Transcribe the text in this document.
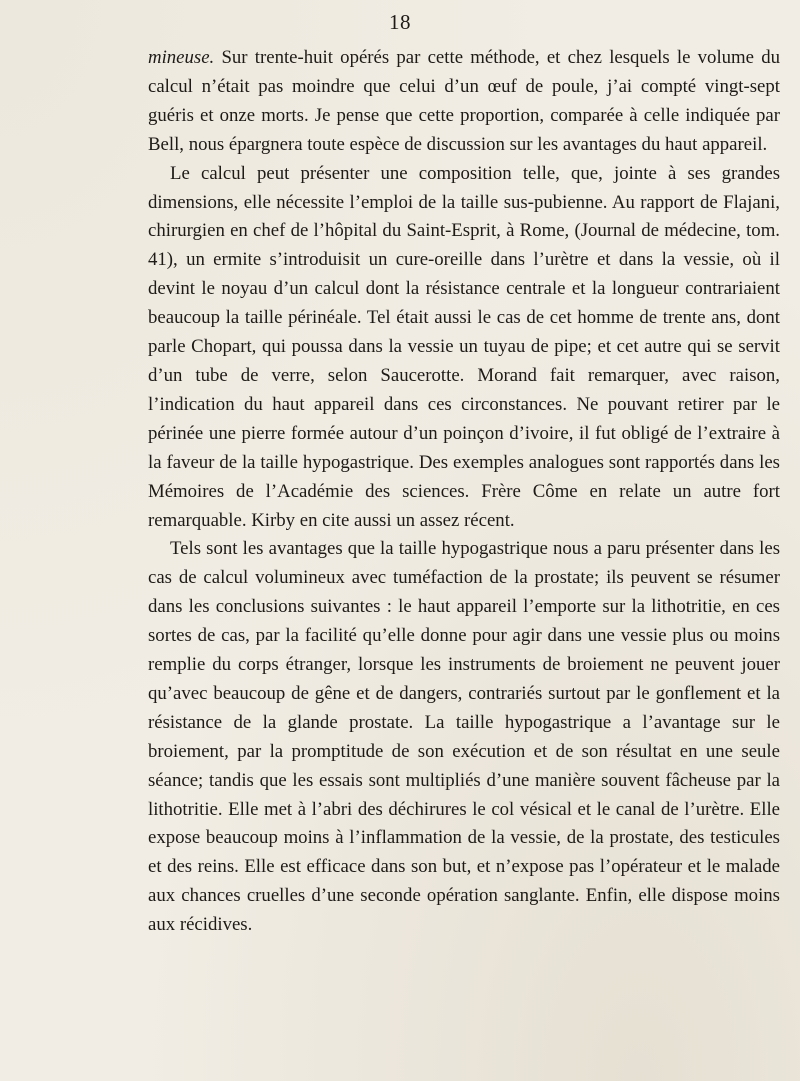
18

mineuse. Sur trente-huit opérés par cette méthode, et chez lesquels le volume du calcul n’était pas moindre que celui d’un œuf de poule, j’ai compté vingt-sept guéris et onze morts. Je pense que cette proportion, comparée à celle indiquée par Bell, nous épargnera toute espèce de discussion sur les avantages du haut appareil.

Le calcul peut présenter une composition telle, que, jointe à ses grandes dimensions, elle nécessite l’emploi de la taille sus-pubienne. Au rapport de Flajani, chirurgien en chef de l’hôpital du Saint-Esprit, à Rome, (Journal de médecine, tom. 41), un ermite s’introduisit un cure-oreille dans l’urètre et dans la vessie, où il devint le noyau d’un calcul dont la résistance centrale et la longueur contrariaient beaucoup la taille périnéale. Tel était aussi le cas de cet homme de trente ans, dont parle Chopart, qui poussa dans la vessie un tuyau de pipe; et cet autre qui se servit d’un tube de verre, selon Saucerotte. Morand fait remarquer, avec raison, l’indication du haut appareil dans ces circonstances. Ne pouvant retirer par le périnée une pierre formée autour d’un poinçon d’ivoire, il fut obligé de l’extraire à la faveur de la taille hypogastrique. Des exemples analogues sont rapportés dans les Mémoires de l’Académie des sciences. Frère Côme en relate un autre fort remarquable. Kirby en cite aussi un assez récent.

Tels sont les avantages que la taille hypogastrique nous a paru présenter dans les cas de calcul volumineux avec tuméfaction de la prostate; ils peuvent se résumer dans les conclusions suivantes : le haut appareil l’emporte sur la lithotritie, en ces sortes de cas, par la facilité qu’elle donne pour agir dans une vessie plus ou moins remplie du corps étranger, lorsque les instruments de broiement ne peuvent jouer qu’avec beaucoup de gêne et de dangers, contrariés surtout par le gonflement et la résistance de la glande prostate. La taille hypogastrique a l’avantage sur le broiement, par la promptitude de son exécution et de son résultat en une seule séance; tandis que les essais sont multipliés d’une manière souvent fâcheuse par la lithotritie. Elle met à l’abri des déchirures le col vésical et le canal de l’urètre. Elle expose beaucoup moins à l’inflammation de la vessie, de la prostate, des testicules et des reins. Elle est efficace dans son but, et n’expose pas l’opérateur et le malade aux chances cruelles d’une seconde opération sanglante. Enfin, elle dispose moins aux récidives.
